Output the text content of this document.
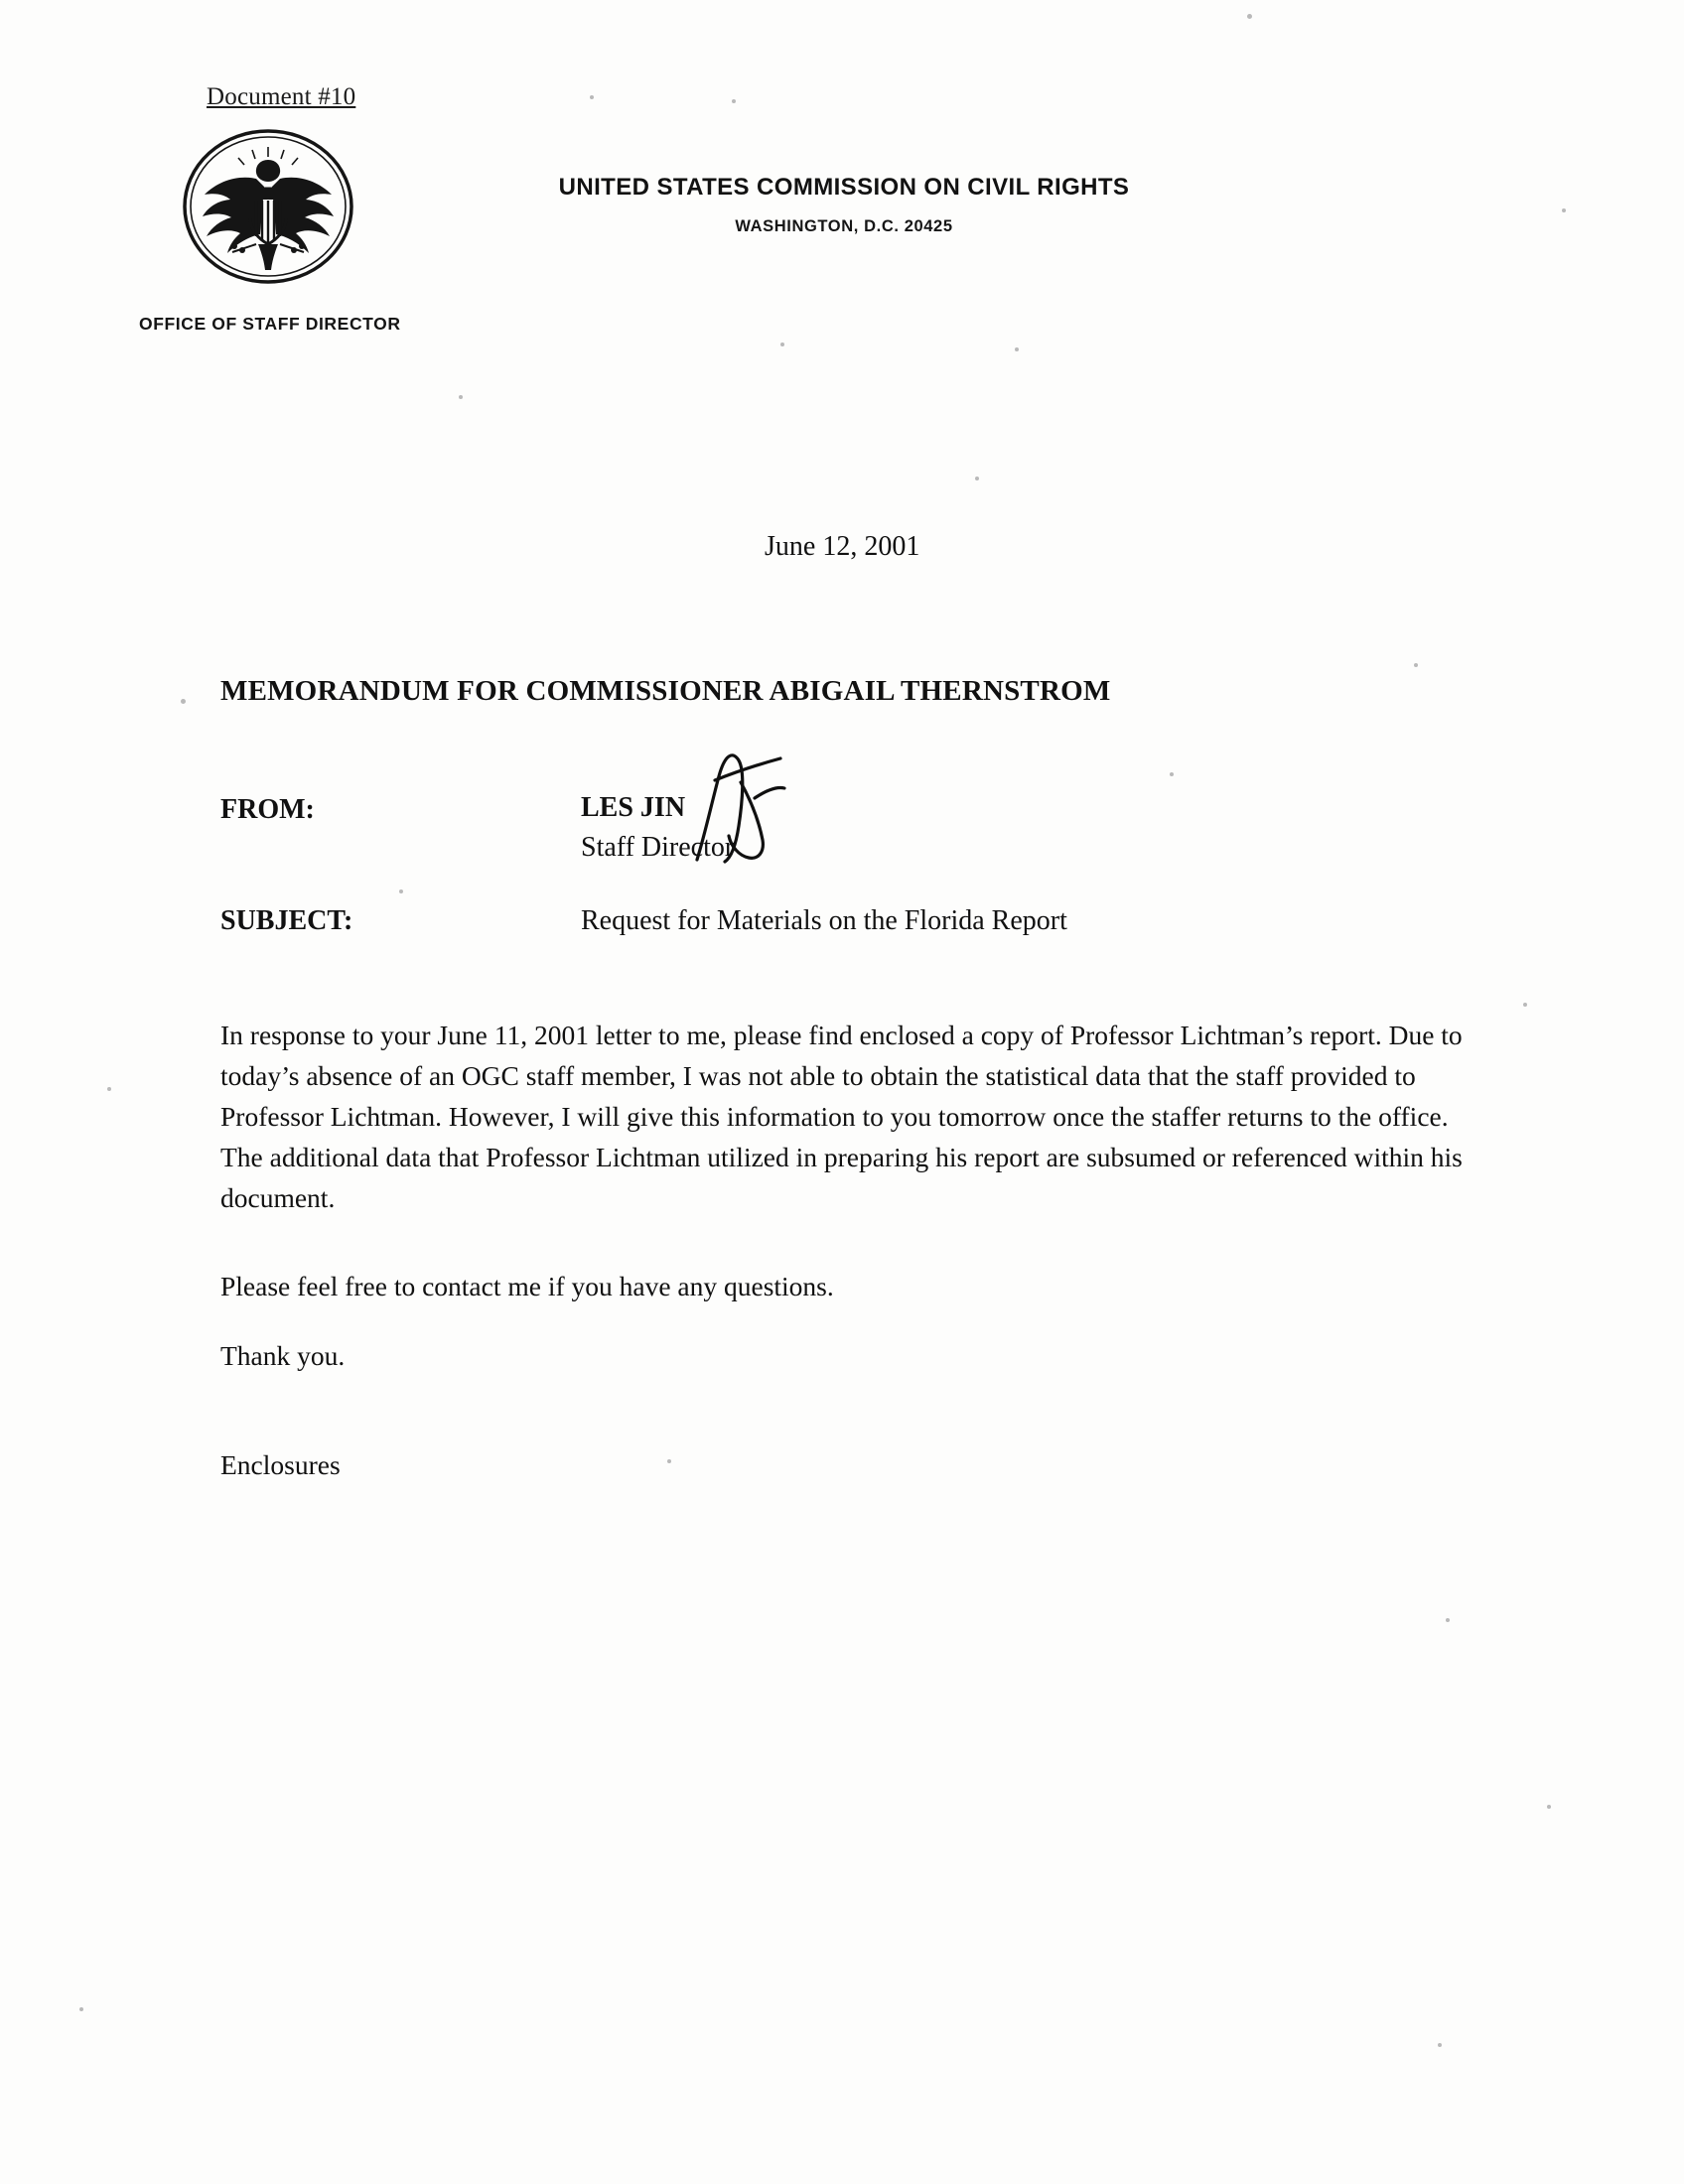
Document #10
OFFICE OF STAFF DIRECTOR
UNITED STATES COMMISSION ON CIVIL RIGHTS
WASHINGTON, D.C. 20425
June 12, 2001
MEMORANDUM FOR COMMISSIONER ABIGAIL THERNSTROM
FROM:	LES JIN
Staff Director
SUBJECT:	Request for Materials on the Florida Report
In response to your June 11, 2001 letter to me, please find enclosed a copy of Professor Lichtman’s report. Due to today’s absence of an OGC staff member, I was not able to obtain the statistical data that the staff provided to Professor Lichtman. However, I will give this information to you tomorrow once the staffer returns to the office. The additional data that Professor Lichtman utilized in preparing his report are subsumed or referenced within his document.
Please feel free to contact me if you have any questions.
Thank you.
Enclosures
